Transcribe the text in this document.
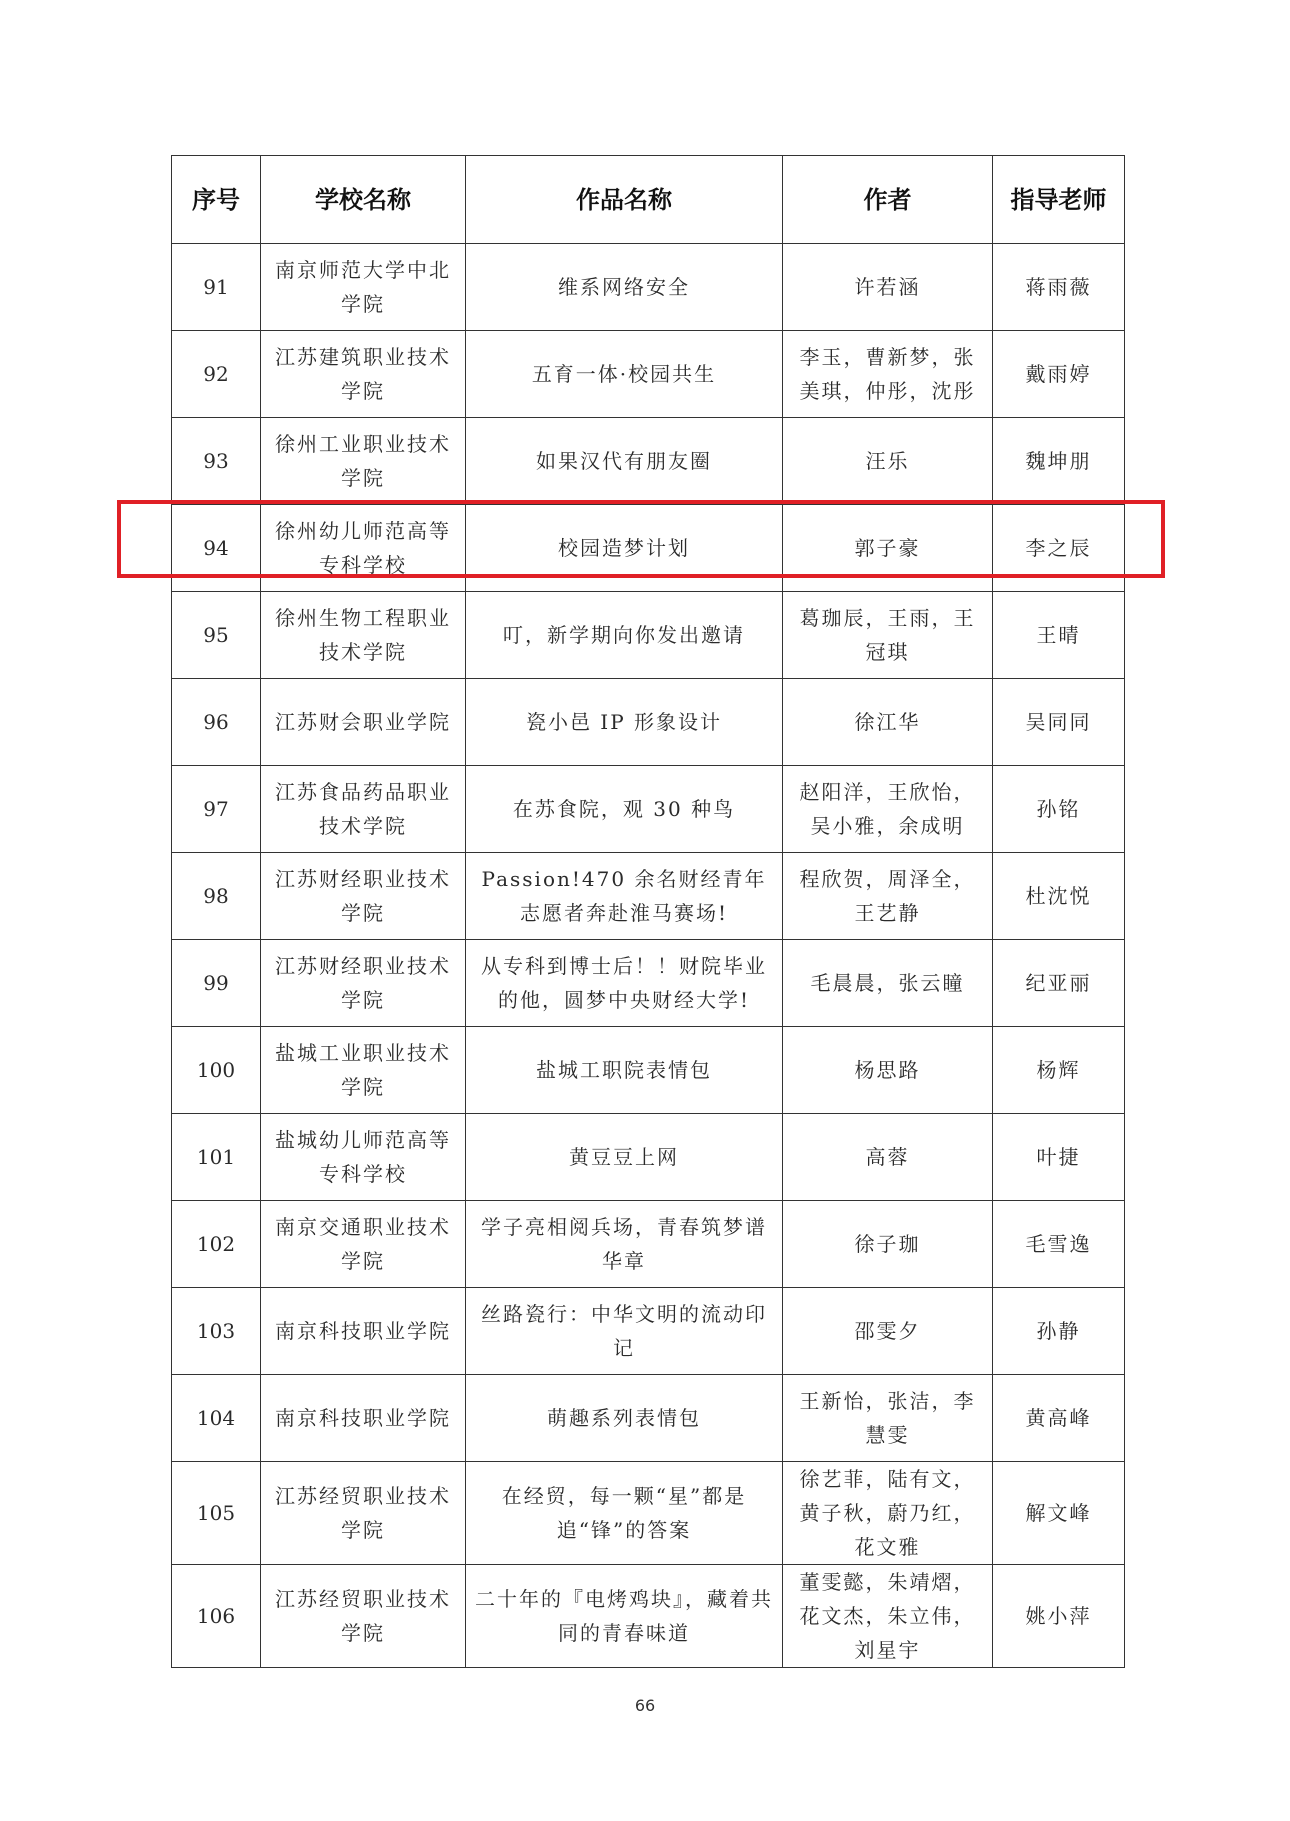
序号	学校名称	作品名称	作者	指导老师
91	南京师范大学中北学院	维系网络安全	许若涵	蒋雨薇
92	江苏建筑职业技术学院	五育一体·校园共生	李玉，曹新梦，张美琪，仲彤，沈彤	戴雨婷
93	徐州工业职业技术学院	如果汉代有朋友圈	汪乐	魏坤朋
94	徐州幼儿师范高等专科学校	校园造梦计划	郭子豪	李之辰
95	徐州生物工程职业技术学院	叮，新学期向你发出邀请	葛珈辰，王雨，王冠琪	王晴
96	江苏财会职业学院	瓷小邑 IP 形象设计	徐江华	吴同同
97	江苏食品药品职业技术学院	在苏食院，观 30 种鸟	赵阳洋，王欣怡，吴小雅，余成明	孙铭
98	江苏财经职业技术学院	Passion!470 余名财经青年志愿者奔赴淮马赛场!	程欣贺，周泽全，王艺静	杜沈悦
99	江苏财经职业技术学院	从专科到博士后！！财院毕业的他，圆梦中央财经大学!	毛晨晨，张云瞳	纪亚丽
100	盐城工业职业技术学院	盐城工职院表情包	杨思路	杨辉
101	盐城幼儿师范高等专科学校	黄豆豆上网	高蓉	叶捷
102	南京交通职业技术学院	学子亮相阅兵场，青春筑梦谱华章	徐子珈	毛雪逸
103	南京科技职业学院	丝路瓷行：中华文明的流动印记	邵雯夕	孙静
104	南京科技职业学院	萌趣系列表情包	王新怡，张洁，李慧雯	黄高峰
105	江苏经贸职业技术学院	在经贸，每一颗“星”都是追“锋”的答案	徐艺菲，陆有文，黄子秋，蔚乃红，花文雅	解文峰
106	江苏经贸职业技术学院	二十年的『电烤鸡块』，藏着共同的青春味道	董雯懿，朱靖熠，花文杰，朱立伟，刘星宇	姚小萍
66
